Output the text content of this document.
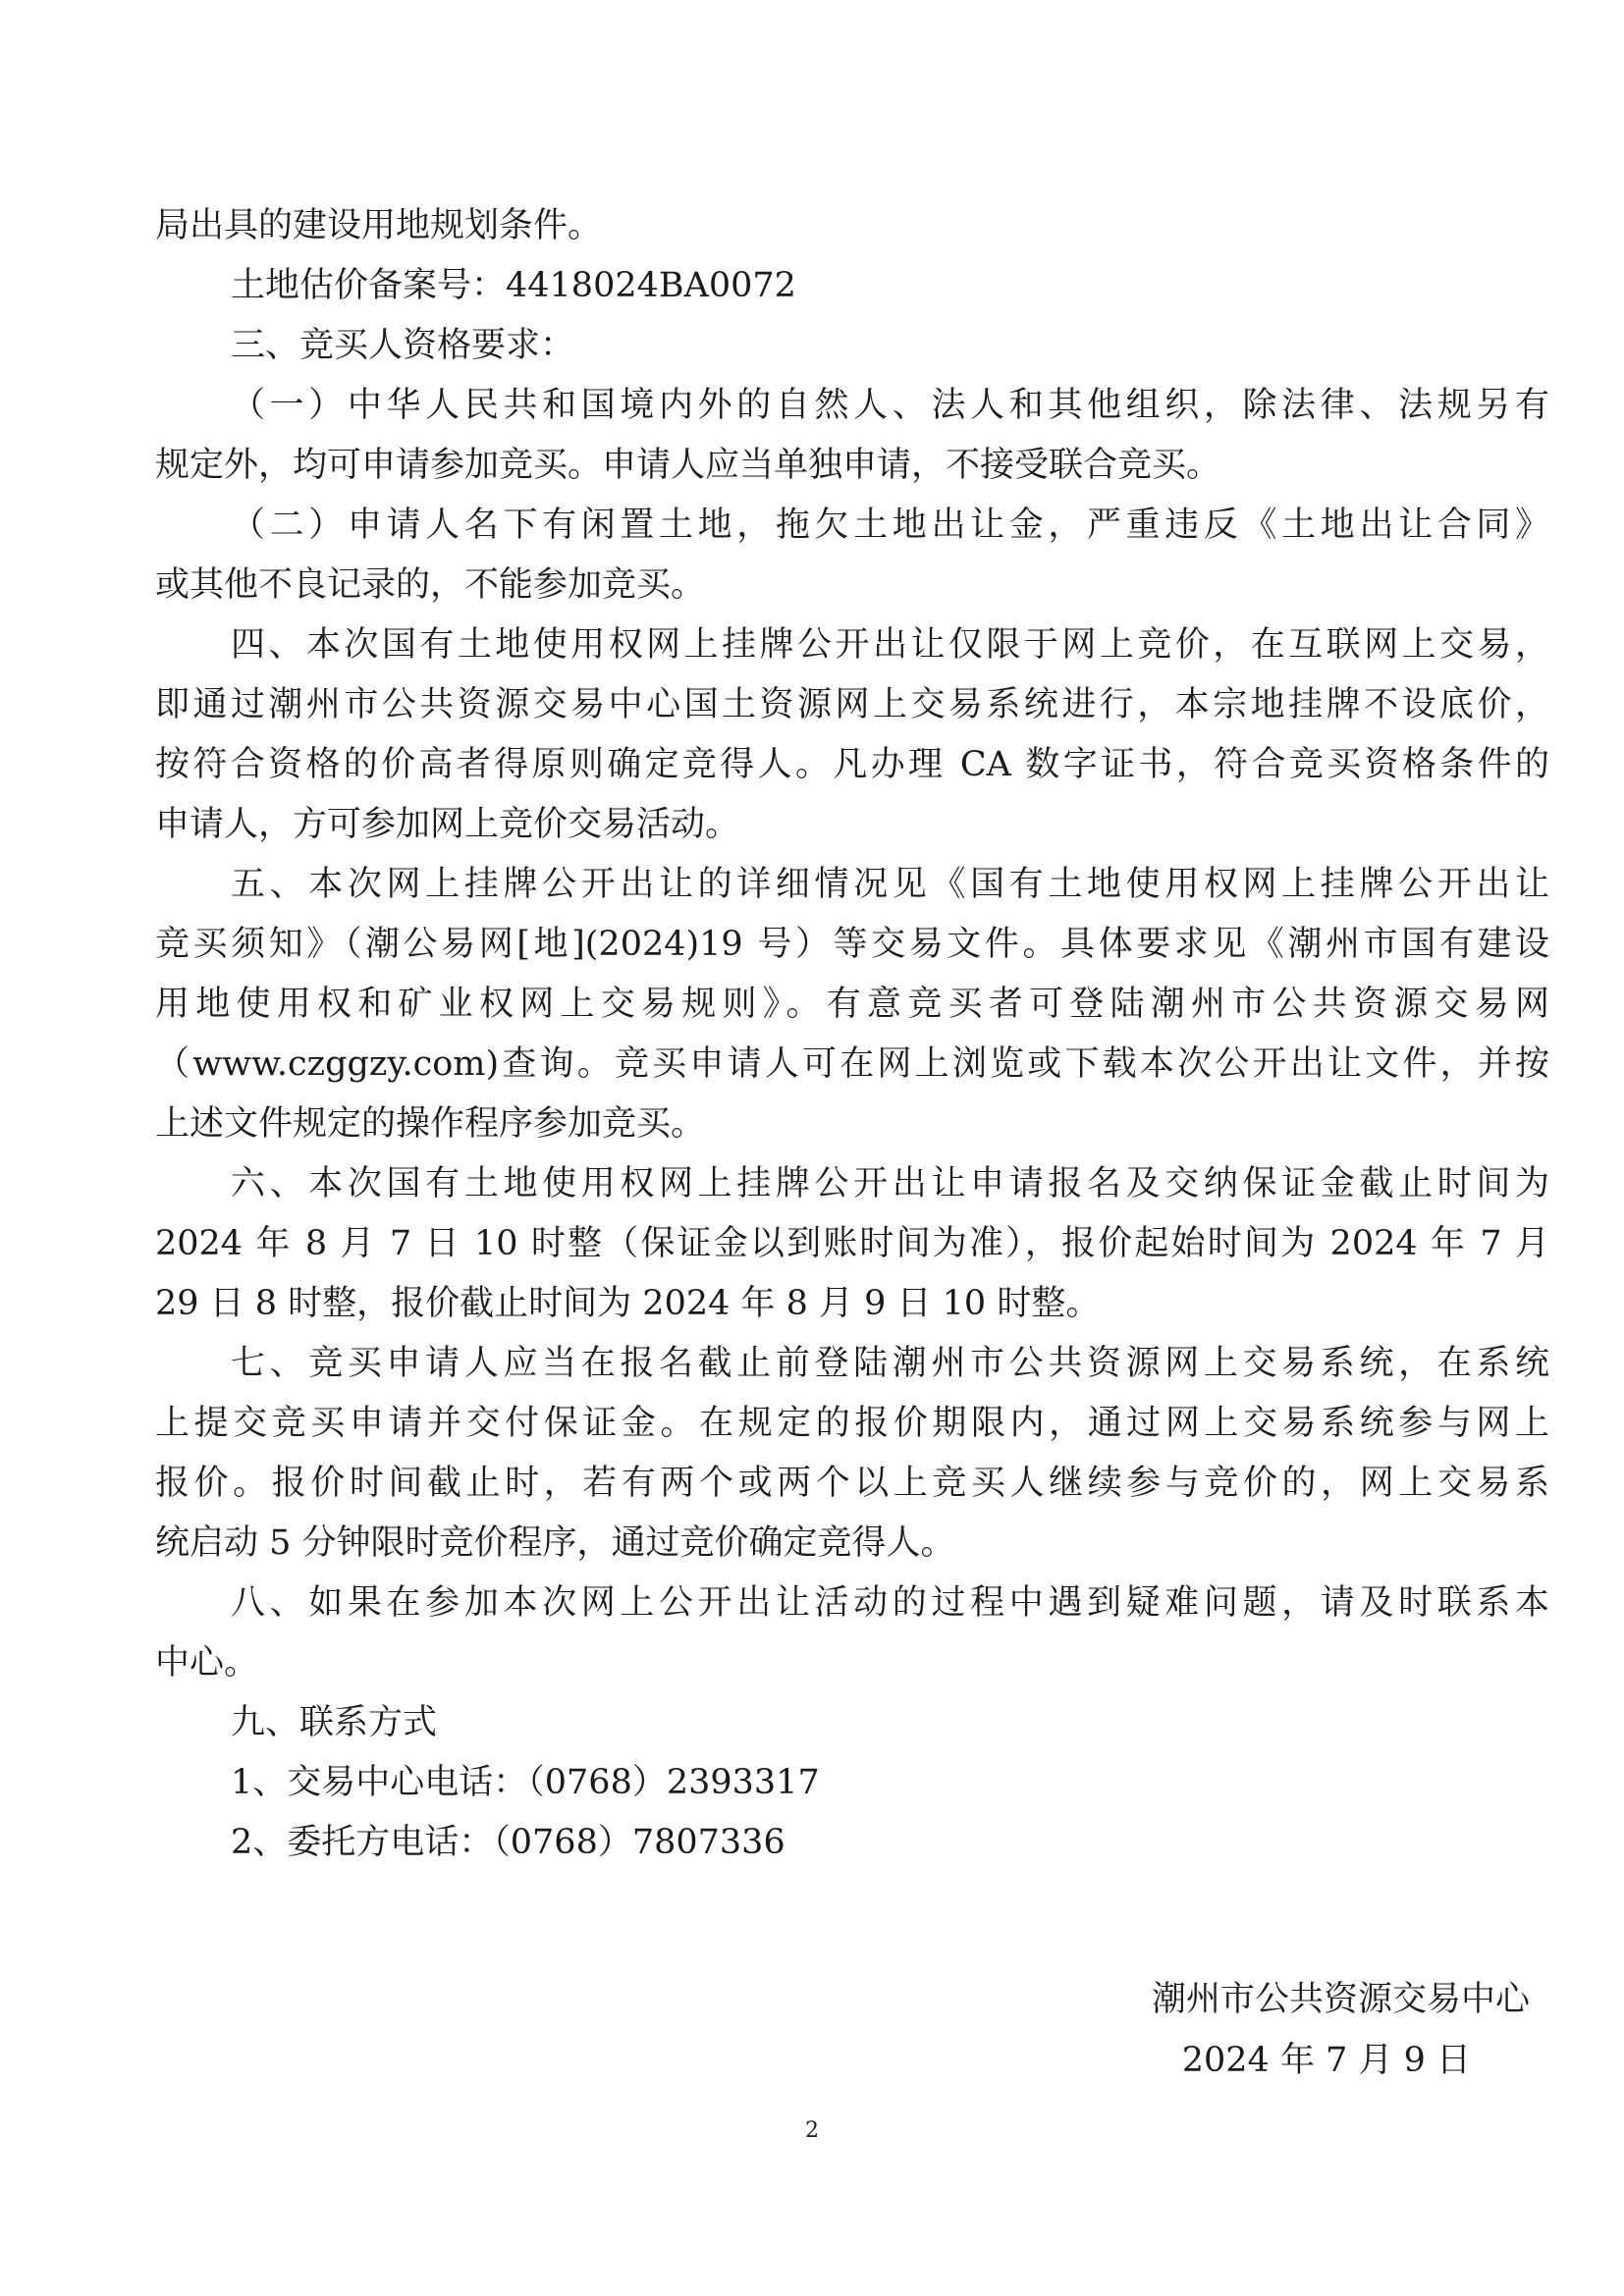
局出具的建设用地规划条件。
土地估价备案号：4418024BA0072
三、竞买人资格要求：
（一）中华人民共和国境内外的自然人、法人和其他组织，除法律、法规另有
规定外，均可申请参加竞买。申请人应当单独申请，不接受联合竞买。
（二）申请人名下有闲置土地，拖欠土地出让金，严重违反《土地出让合同》
或其他不良记录的，不能参加竞买。
四、本次国有土地使用权网上挂牌公开出让仅限于网上竞价，在互联网上交易，
即通过潮州市公共资源交易中心国土资源网上交易系统进行，本宗地挂牌不设底价，
按符合资格的价高者得原则确定竞得人。凡办理 CA 数字证书，符合竞买资格条件的
申请人，方可参加网上竞价交易活动。
五、本次网上挂牌公开出让的详细情况见《国有土地使用权网上挂牌公开出让
竞买须知》（潮公易网[地](2024)19 号）等交易文件。具体要求见《潮州市国有建设
用地使用权和矿业权网上交易规则》。有意竞买者可登陆潮州市公共资源交易网
（www.czggzy.com)查询。竞买申请人可在网上浏览或下载本次公开出让文件，并按
上述文件规定的操作程序参加竞买。
六、本次国有土地使用权网上挂牌公开出让申请报名及交纳保证金截止时间为
2024 年 8 月 7 日 10 时整（保证金以到账时间为准），报价起始时间为 2024 年 7 月
29 日 8 时整，报价截止时间为 2024 年 8 月 9 日 10 时整。
七、竞买申请人应当在报名截止前登陆潮州市公共资源网上交易系统，在系统
上提交竞买申请并交付保证金。在规定的报价期限内，通过网上交易系统参与网上
报价。报价时间截止时，若有两个或两个以上竞买人继续参与竞价的，网上交易系
统启动 5 分钟限时竞价程序，通过竞价确定竞得人。
八、如果在参加本次网上公开出让活动的过程中遇到疑难问题，请及时联系本
中心。
九、联系方式
1、交易中心电话：（0768）2393317
2、委托方电话：（0768）7807336
潮州市公共资源交易中心
2024 年 7 月 9 日
2
